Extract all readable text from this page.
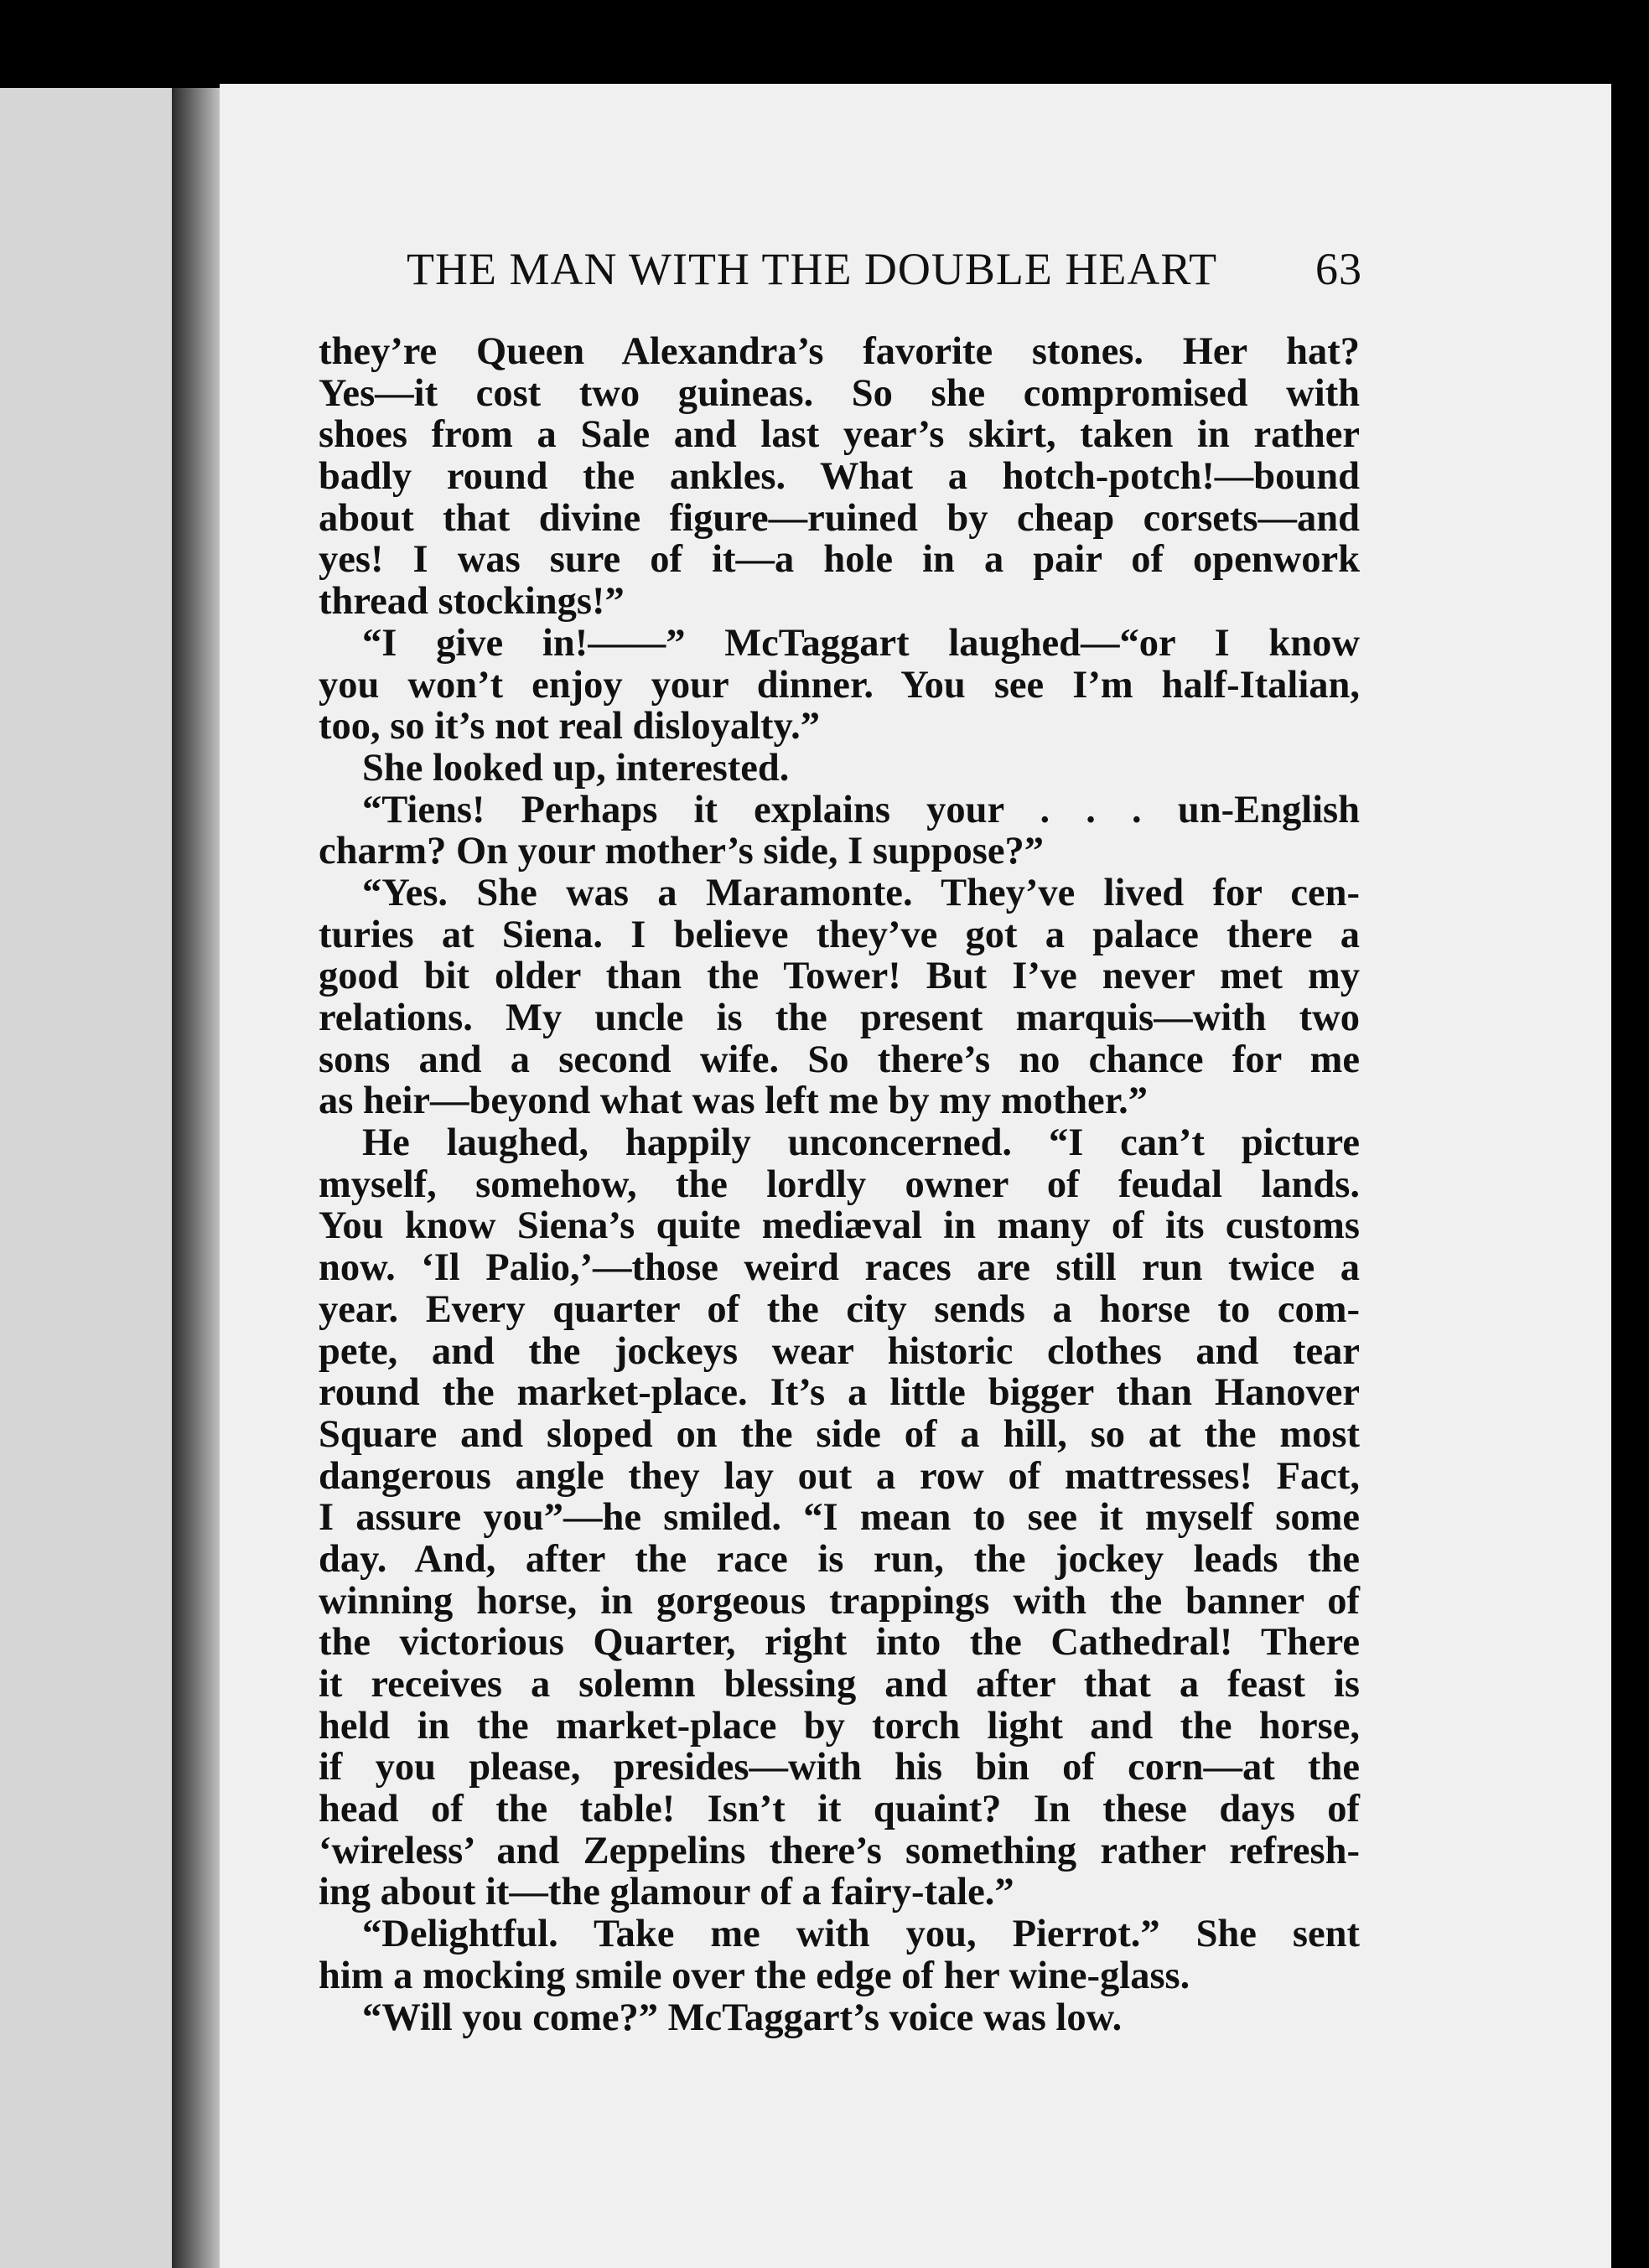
THE MAN WITH THE DOUBLE HEART 63
they’re Queen Alexandra’s favorite stones. Her hat?
Yes—it cost two guineas. So she compromised with
shoes from a Sale and last year’s skirt, taken in rather
badly round the ankles. What a hotch-potch!—bound
about that divine figure—ruined by cheap corsets—and
yes! I was sure of it—a hole in a pair of openwork
thread stockings!”
“I give in!——” McTaggart laughed—“or I know
you won’t enjoy your dinner. You see I’m half-Italian,
too, so it’s not real disloyalty.”
She looked up, interested.
“Tiens! Perhaps it explains your . . . un-English
charm? On your mother’s side, I suppose?”
“Yes. She was a Maramonte. They’ve lived for cen-
turies at Siena. I believe they’ve got a palace there a
good bit older than the Tower! But I’ve never met my
relations. My uncle is the present marquis—with two
sons and a second wife. So there’s no chance for me
as heir—beyond what was left me by my mother.”
He laughed, happily unconcerned. “I can’t picture
myself, somehow, the lordly owner of feudal lands.
You know Siena’s quite mediæval in many of its customs
now. ‘Il Palio,’—those weird races are still run twice a
year. Every quarter of the city sends a horse to com-
pete, and the jockeys wear historic clothes and tear
round the market-place. It’s a little bigger than Hanover
Square and sloped on the side of a hill, so at the most
dangerous angle they lay out a row of mattresses! Fact,
I assure you”—he smiled. “I mean to see it myself some
day. And, after the race is run, the jockey leads the
winning horse, in gorgeous trappings with the banner of
the victorious Quarter, right into the Cathedral! There
it receives a solemn blessing and after that a feast is
held in the market-place by torch light and the horse,
if you please, presides—with his bin of corn—at the
head of the table! Isn’t it quaint? In these days of
‘wireless’ and Zeppelins there’s something rather refresh-
ing about it—the glamour of a fairy-tale.”
“Delightful. Take me with you, Pierrot.” She sent
him a mocking smile over the edge of her wine-glass.
“Will you come?” McTaggart’s voice was low.
